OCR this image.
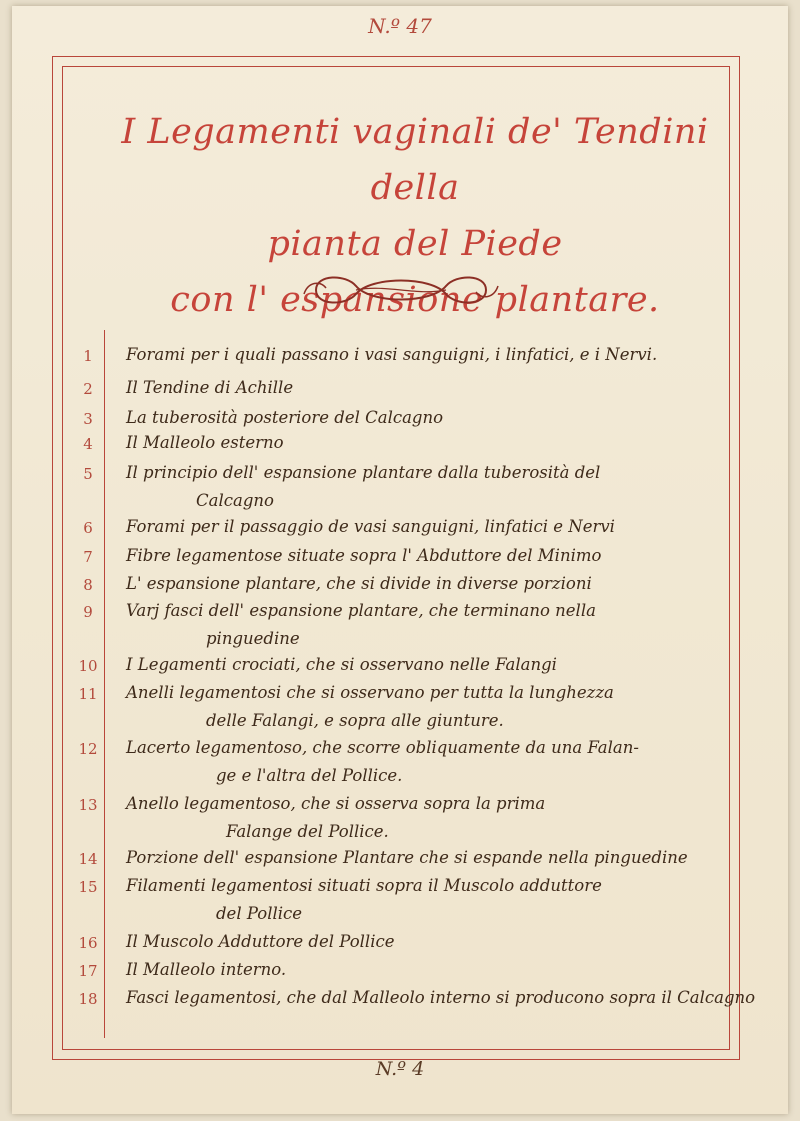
N.º 47
I Legamenti vaginali de' Tendini della
pianta del Piede
con l' espansione plantare.
1	Forami per i quali passano i vasi sanguigni, i linfatici, e i Nervi.
2	Il Tendine di Achille
3	La tuberosità posteriore del Calcagno
4	Il Malleolo esterno
5	Il principio dell' espansione plantare dalla tuberosità del
Calcagno
6	Forami per il passaggio de vasi sanguigni, linfatici e Nervi
7	Fibre legamentose situate sopra l' Abduttore del Minimo
8	L' espansione plantare, che si divide in diverse porzioni
9	Varj fasci dell' espansione plantare, che terminano nella
pinguedine
10	I Legamenti crociati, che si osservano nelle Falangi
11	Anelli legamentosi che si osservano per tutta la lunghezza
delle Falangi, e sopra alle giunture.
12	Lacerto legamentoso, che scorre obliquamente da una Falan-
ge e l'altra del Pollice.
13	Anello legamentoso, che si osserva sopra la prima
Falange del Pollice.
14	Porzione dell' espansione Plantare che si espande nella pinguedine
15	Filamenti legamentosi situati sopra il Muscolo adduttore
del Pollice
16	Il Muscolo Adduttore del Pollice
17	Il Malleolo interno.
18	Fasci legamentosi, che dal Malleolo interno si producono sopra il Calcagno
N.º 4
